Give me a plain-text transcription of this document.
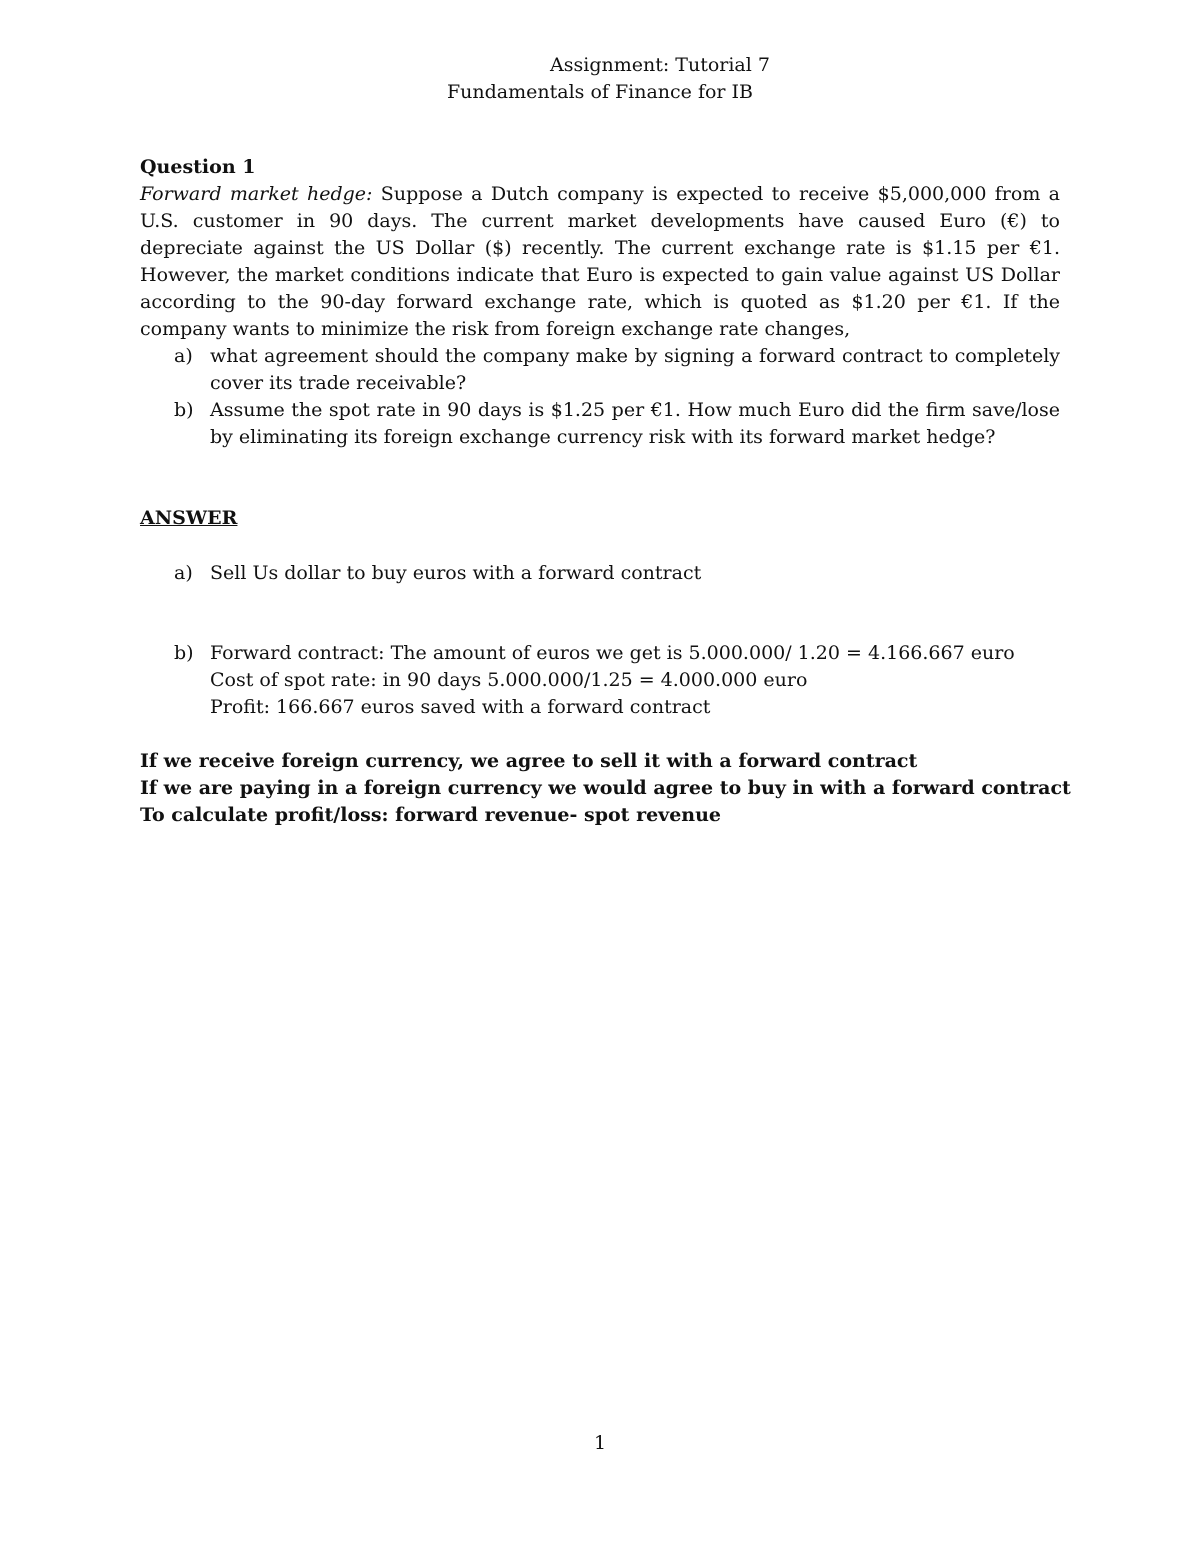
Assignment: Tutorial 7
Fundamentals of Finance for IB
Question 1

Forward market hedge: Suppose a Dutch company is expected to receive $5,000,000 from a U.S. customer in 90 days. The current market developments have caused Euro (€) to depreciate against the US Dollar ($) recently. The current exchange rate is $1.15 per €1. However, the market conditions indicate that Euro is expected to gain value against US Dollar according to the 90-day forward exchange rate, which is quoted as $1.20 per €1. If the company wants to minimize the risk from foreign exchange rate changes,

a) what agreement should the company make by signing a forward contract to completely cover its trade receivable?
b) Assume the spot rate in 90 days is $1.25 per €1. How much Euro did the firm save/lose by eliminating its foreign exchange currency risk with its forward market hedge?
ANSWER
a) Sell Us dollar to buy euros with a forward contract
b) Forward contract: The amount of euros we get is 5.000.000/ 1.20 = 4.166.667 euro
Cost of spot rate: in 90 days 5.000.000/1.25 = 4.000.000 euro
Profit: 166.667 euros saved with a forward contract
If we receive foreign currency, we agree to sell it with a forward contract
If we are paying in a foreign currency we would agree to buy in with a forward contract
To calculate profit/loss: forward revenue- spot revenue
1
